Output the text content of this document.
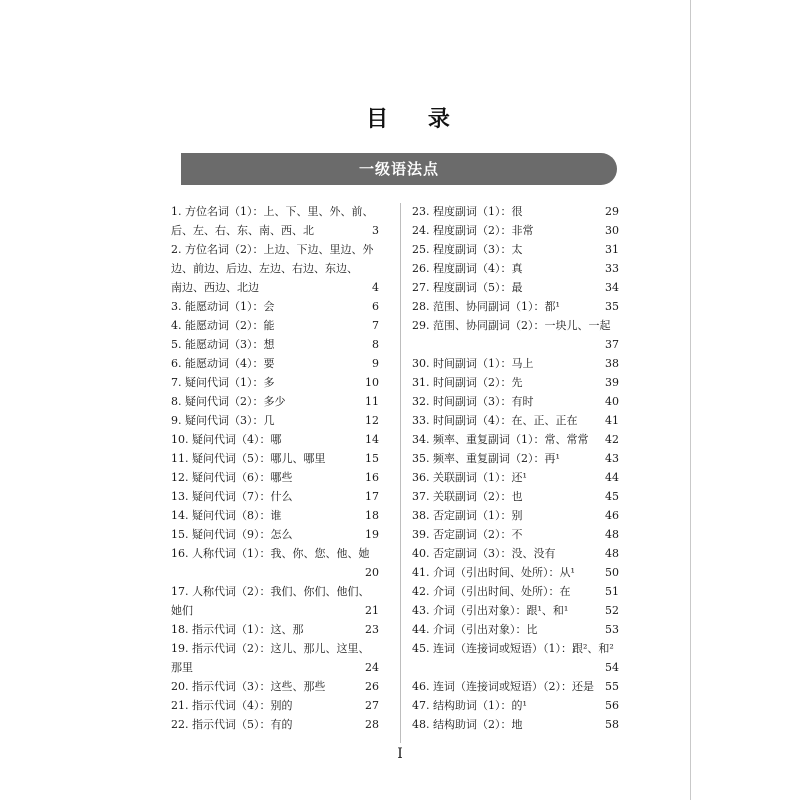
目 录
一级语法点
1. 方位名词（1）：上、下、里、外、前、
后、左、右、东、南、西、北	3
2. 方位名词（2）：上边、下边、里边、外
边、前边、后边、左边、右边、东边、
南边、西边、北边	4
3. 能愿动词（1）：会	6
4. 能愿动词（2）：能	7
5. 能愿动词（3）：想	8
6. 能愿动词（4）：要	9
7. 疑问代词（1）：多	10
8. 疑问代词（2）：多少	11
9. 疑问代词（3）：几	12
10. 疑问代词（4）：哪	14
11. 疑问代词（5）：哪儿、哪里	15
12. 疑问代词（6）：哪些	16
13. 疑问代词（7）：什么	17
14. 疑问代词（8）：谁	18
15. 疑问代词（9）：怎么	19
16. 人称代词（1）：我、你、您、他、她

20
17. 人称代词（2）：我们、你们、他们、
她们	21
18. 指示代词（1）：这、那	23
19. 指示代词（2）：这儿、那儿、这里、
那里	24
20. 指示代词（3）：这些、那些	26
21. 指示代词（4）：别的	27
22. 指示代词（5）：有的	28
23. 程度副词（1）：很	29
24. 程度副词（2）：非常	30
25. 程度副词（3）：太	31
26. 程度副词（4）：真	33
27. 程度副词（5）：最	34
28. 范围、协同副词（1）：都¹	35
29. 范围、协同副词（2）：一块儿、一起

37
30. 时间副词（1）：马上	38
31. 时间副词（2）：先	39
32. 时间副词（3）：有时	40
33. 时间副词（4）：在、正、正在	41
34. 频率、重复副词（1）：常、常常	42
35. 频率、重复副词（2）：再¹	43
36. 关联副词（1）：还¹	44
37. 关联副词（2）：也	45
38. 否定副词（1）：别	46
39. 否定副词（2）：不	48
40. 否定副词（3）：没、没有	48
41. 介词（引出时间、处所）：从¹	50
42. 介词（引出时间、处所）：在	51
43. 介词（引出对象）：跟¹、和¹	52
44. 介词（引出对象）：比	53
45. 连词（连接词或短语）（1）：跟²、和²

54
46. 连词（连接词或短语）（2）：还是	55
47. 结构助词（1）：的¹	56
48. 结构助词（2）：地	58
I
